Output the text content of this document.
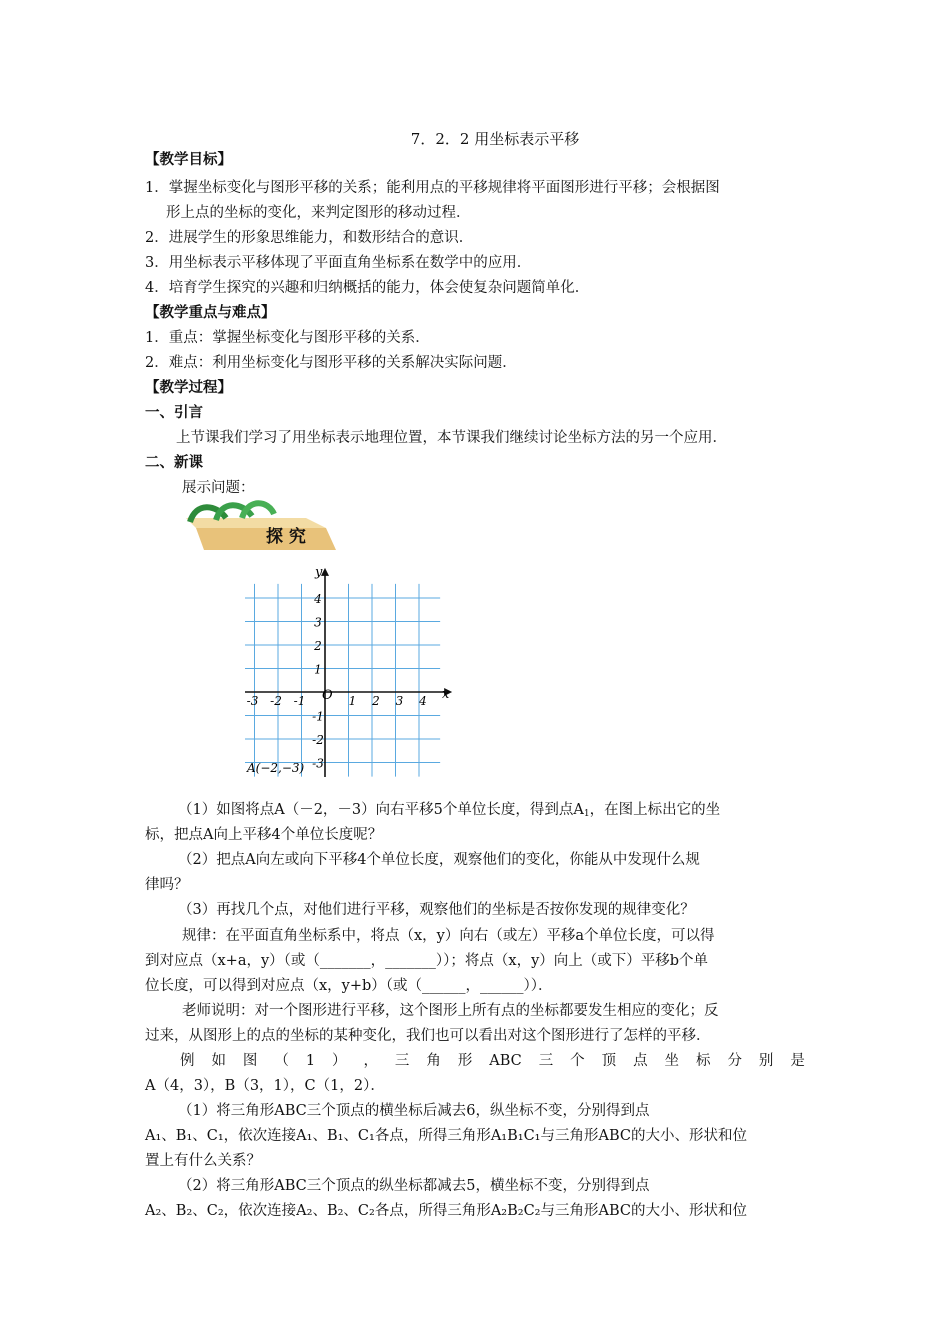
7．2．2 用坐标表示平移
【教学目标】
1．掌握坐标变化与图形平移的关系；能利用点的平移规律将平面图形进行平移；会根据图
形上点的坐标的变化，来判定图形的移动过程．
2．进展学生的形象思维能力，和数形结合的意识．
3．用坐标表示平移体现了平面直角坐标系在数学中的应用．
4．培育学生探究的兴趣和归纳概括的能力，体会使复杂问题简单化．
【教学重点与难点】
1．重点：掌握坐标变化与图形平移的关系．
2．难点：利用坐标变化与图形平移的关系解决实际问题．
【教学过程】
一、引言
上节课我们学习了用坐标表示地理位置，本节课我们继续讨论坐标方法的另一个应用．
二、新课
展示问题：
探 究
-3 -2 -1	1 2 3 4
4
3
2
1
-1
-2
-3
O	x
y
A(−2,−3)
（1）如图将点A（－2，－3）向右平移5个单位长度，得到点$A_1$，在图上标出它的坐
标，把点A向上平移4个单位长度呢？
（2）把点A向左或向下平移4个单位长度，观察他们的变化，你能从中发现什么规
律吗？
（3）再找几个点，对他们进行平移，观察他们的坐标是否按你发现的规律变化？
规律：在平面直角坐标系中，将点（x，y）向右（或左）平移a个单位长度，可以得
到对应点（x+a，y）（或（_______，_______））；将点（x，y）向上（或下）平移b个单
位长度，可以得到对应点（x，y+b）（或（______，______））．
老师说明：对一个图形进行平移，这个图形上所有点的坐标都要发生相应的变化；反
过来，从图形上的点的坐标的某种变化，我们也可以看出对这个图形进行了怎样的平移．
例 如 图 （ 1 ） ， 三 角 形 ABC 三 个 顶 点 坐 标 分 别 是
A（4，3），B（3，1），C（1，2）．
（1）将三角形ABC三个顶点的横坐标后减去6，纵坐标不变，分别得到点
A₁、B₁、C₁，依次连接A₁、B₁、C₁各点，所得三角形A₁B₁C₁与三角形ABC的大小、形状和位
置上有什么关系？
（2）将三角形ABC三个顶点的纵坐标都减去5，横坐标不变，分别得到点
A₂、B₂、C₂，依次连接A₂、B₂、C₂各点，所得三角形A₂B₂C₂与三角形ABC的大小、形状和位
